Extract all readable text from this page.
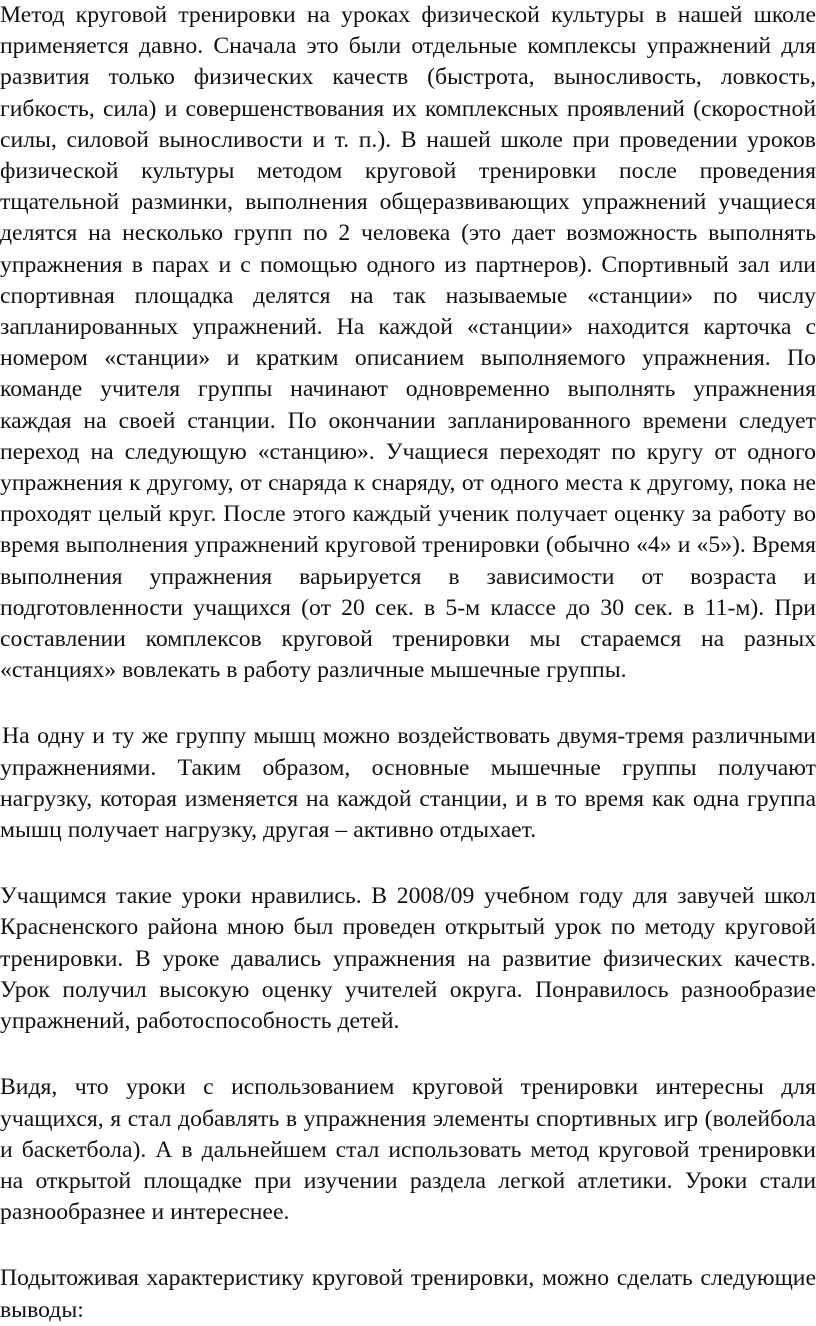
Метод круговой тренировки на уроках физической культуры в нашей школе применяется давно. Сначала это были отдельные комплексы упражнений для развития только физических качеств (быстрота, выносливость, ловкость, гибкость, сила) и совершенствования их комплексных проявлений (скоростной силы, силовой выносливости и т. п.). В нашей школе при проведении уроков физической культуры методом круговой тренировки после проведения тщательной разминки, выполнения общеразвивающих упражнений учащиеся делятся на несколько групп по 2 человека (это дает возможность выполнять упражнения в парах и с помощью одного из партнеров). Спортивный зал или спортивная площадка делятся на так называемые «станции» по числу запланированных упражнений. На каждой «станции» находится карточка с номером «станции» и кратким описанием выполняемого упражнения. По команде учителя группы начинают одновременно выполнять упражнения каждая на своей станции. По окончании запланированного времени следует переход на следующую «станцию». Учащиеся переходят по кругу от одного упражнения к другому, от снаряда к снаряду, от одного места к другому, пока не проходят целый круг. После этого каждый ученик получает оценку за работу во время выполнения упражнений круговой тренировки (обычно «4» и «5»). Время выполнения упражнения варьируется в зависимости от возраста и подготовленности учащихся (от 20 сек. в 5-м классе до 30 сек. в 11-м). При составлении комплексов круговой тренировки мы стараемся на разных «станциях» вовлекать в работу различные мышечные группы.

На одну и ту же группу мышц можно воздействовать двумя-тремя различными упражнениями. Таким образом, основные мышечные группы получают нагрузку, которая изменяется на каждой станции, и в то время как одна группа мышц получает нагрузку, другая – активно отдыхает.

Учащимся такие уроки нравились. В 2008/09 учебном году для завучей школ Красненского района мною был проведен открытый урок по методу круговой тренировки. В уроке давались упражнения на развитие физических качеств. Урок получил высокую оценку учителей округа. Понравилось разнообразие упражнений, работоспособность детей.

Видя, что уроки с использованием круговой тренировки интересны для учащихся, я стал добавлять в упражнения элементы спортивных игр (волейбола и баскетбола). А в дальнейшем стал использовать метод круговой тренировки на открытой площадке при изучении раздела легкой атлетики. Уроки стали разнообразнее и интереснее.

Подытоживая характеристику круговой тренировки, можно сделать следующие выводы:
